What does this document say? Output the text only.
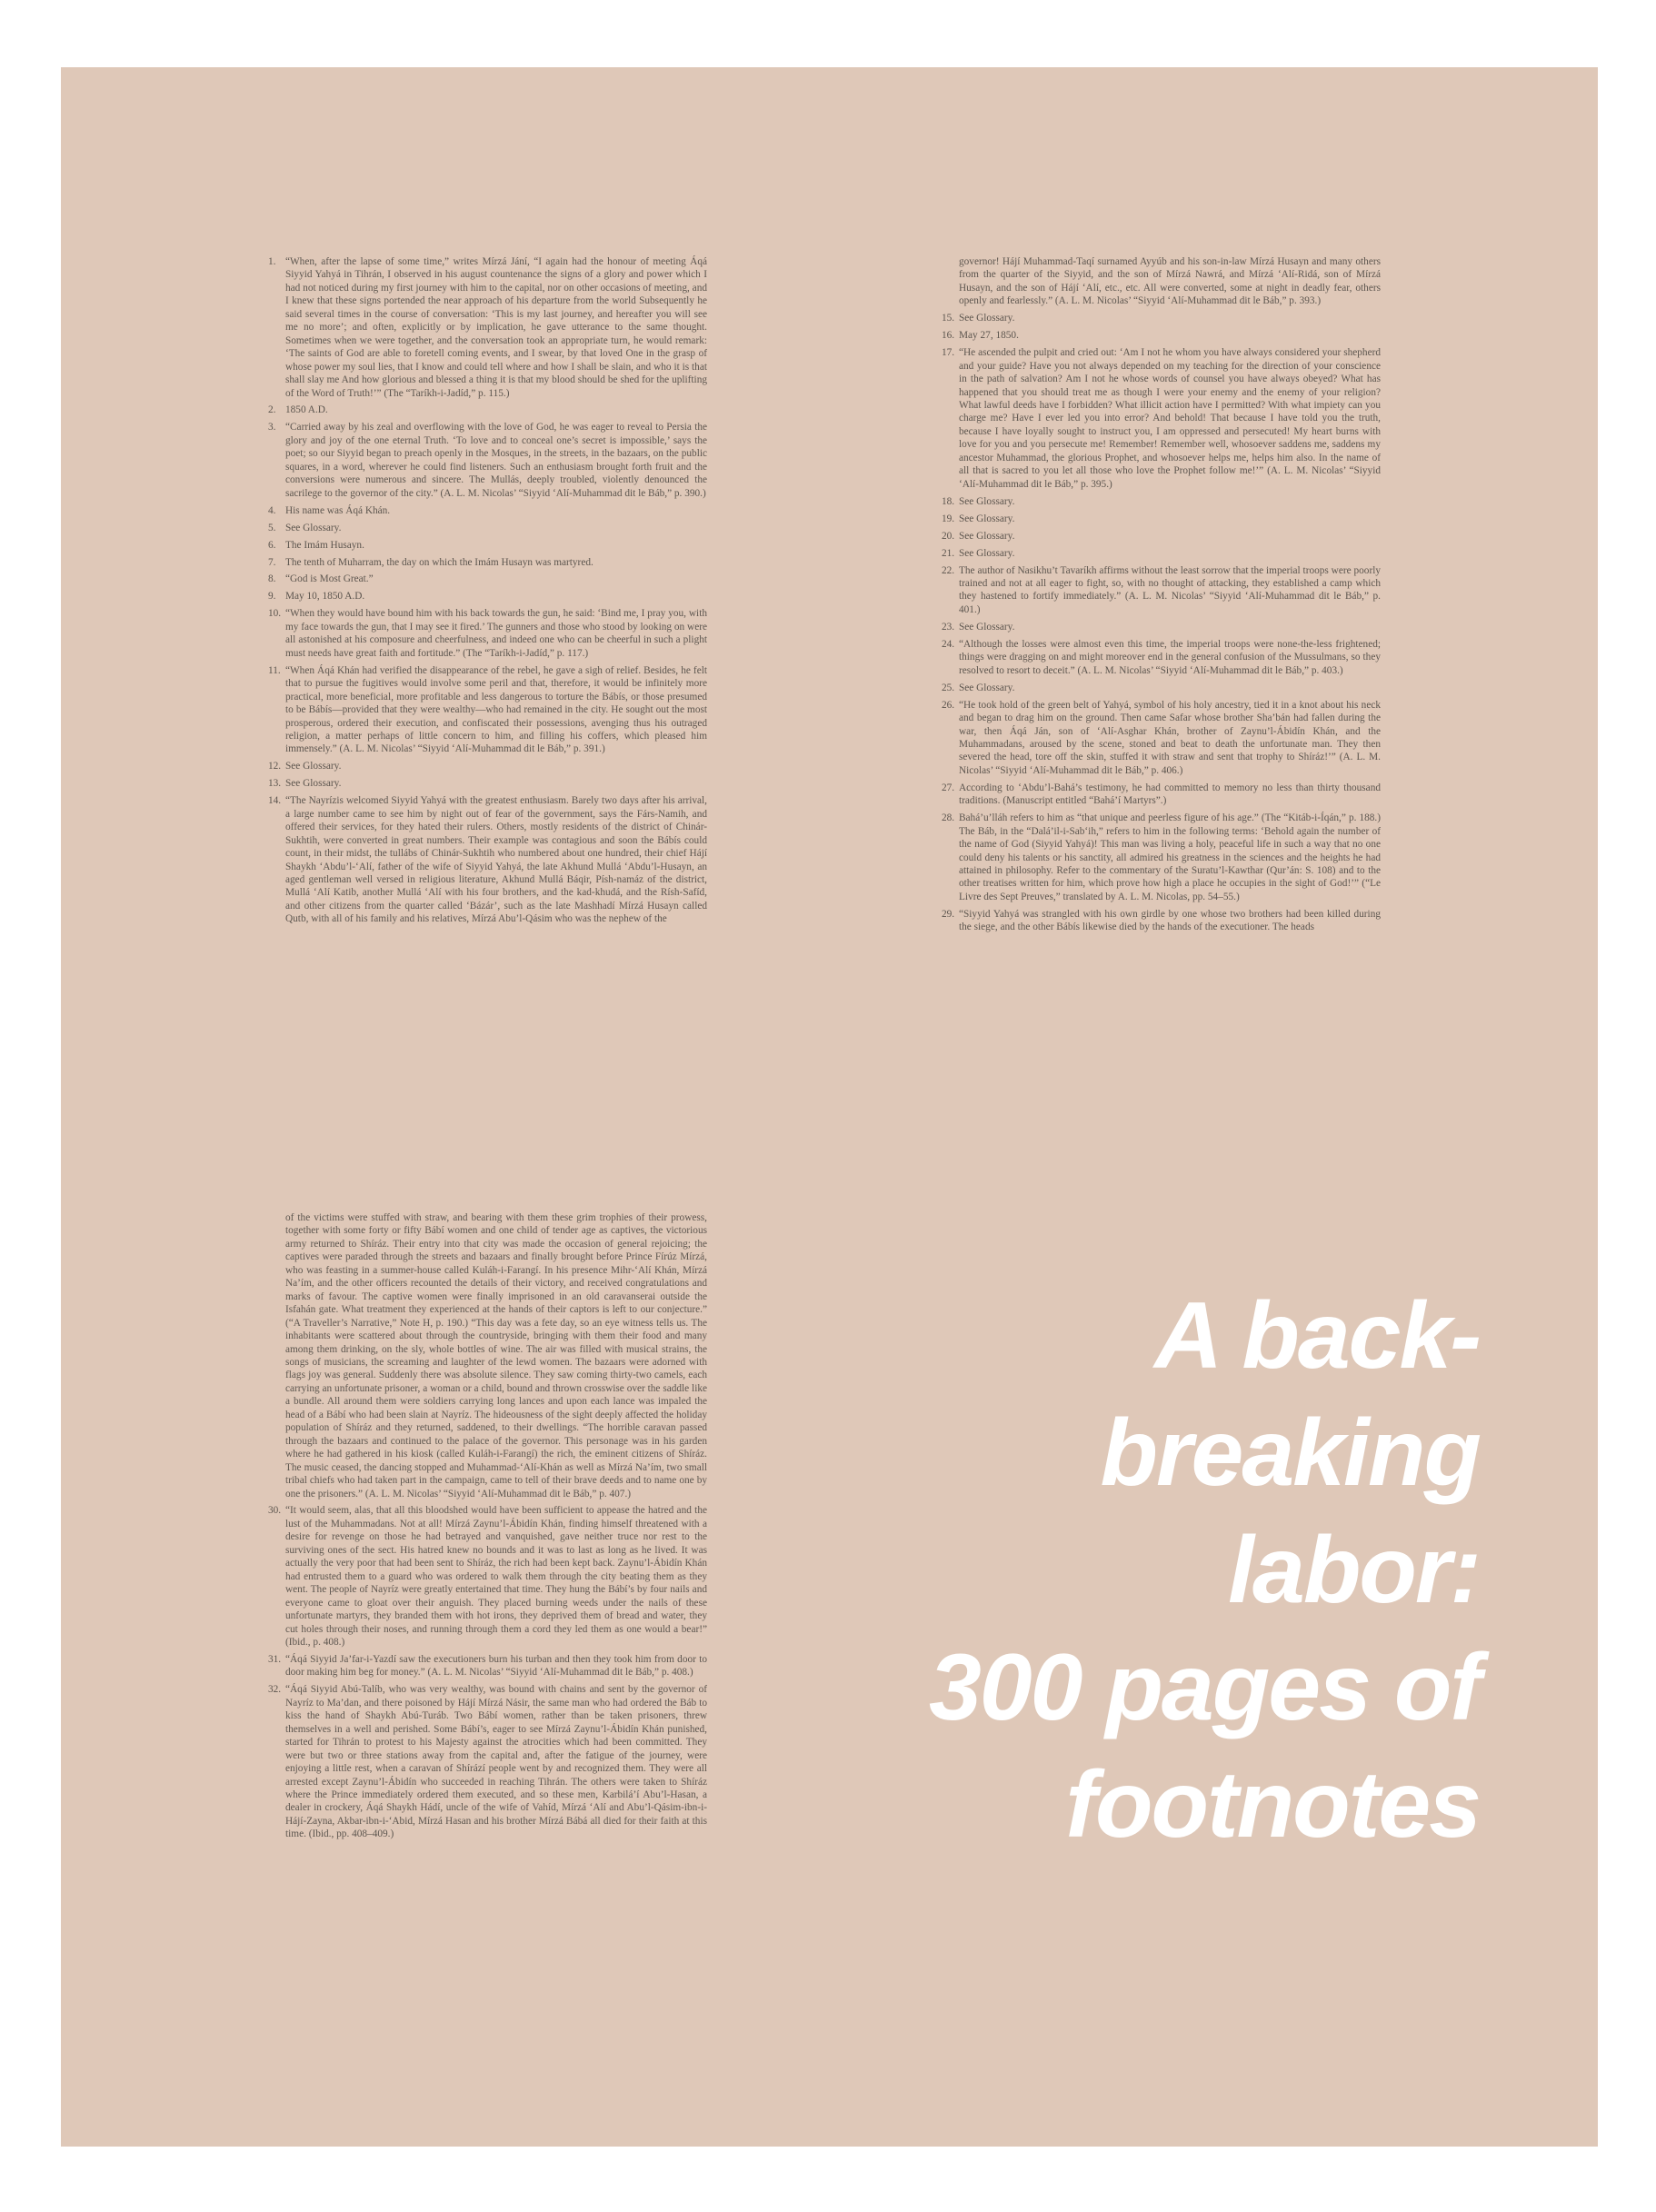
1. “When, after the lapse of some time,” writes Mírzá Jání, “I again had the honour of meeting Áqá Siyyid Yahyá in Tihrán, I observed in his august countenance the signs of a glory and power which I had not noticed during my first journey with him to the capital, nor on other occasions of meeting, and I knew that these signs portended the near approach of his departure from the world Subsequently he said several times in the course of conversation: ‘This is my last journey, and hereafter you will see me no more’; and often, explicitly or by implication, he gave utterance to the same thought. Sometimes when we were together, and the conversation took an appropriate turn, he would remark: ‘The saints of God are able to foretell coming events, and I swear, by that loved One in the grasp of whose power my soul lies, that I know and could tell where and how I shall be slain, and who it is that shall slay me And how glorious and blessed a thing it is that my blood should be shed for the uplifting of the Word of Truth!’” (The “Taríkh-i-Jadíd,” p. 115.)
2. 1850 A.D.
3. “Carried away by his zeal and overflowing with the love of God, he was eager to reveal to Persia the glory and joy of the one eternal Truth. ‘To love and to conceal one’s secret is impossible,’ says the poet; so our Siyyid began to preach openly in the Mosques, in the streets, in the bazaars, on the public squares, in a word, wherever he could find listeners. Such an enthusiasm brought forth fruit and the conversions were numerous and sincere. The Mullás, deeply troubled, violently denounced the sacrilege to the governor of the city.” (A. L. M. Nicolas’ “Siyyid ‘Alí-Muhammad dit le Báb,” p. 390.)
4. His name was Áqá Khán.
5. See Glossary.
6. The Imám Husayn.
7. The tenth of Muharram, the day on which the Imám Husayn was martyred.
8. “God is Most Great.”
9. May 10, 1850 A.D.
10. “When they would have bound him with his back towards the gun, he said: ‘Bind me, I pray you, with my face towards the gun, that I may see it fired.’ The gunners and those who stood by looking on were all astonished at his composure and cheerfulness, and indeed one who can be cheerful in such a plight must needs have great faith and fortitude.” (The “Taríkh-i-Jadíd,” p. 117.)
11. “When Áqá Khán had verified the disappearance of the rebel, he gave a sigh of relief. Besides, he felt that to pursue the fugitives would involve some peril and that, therefore, it would be infinitely more practical, more beneficial, more profitable and less dangerous to torture the Bábís, or those presumed to be Bábís—provided that they were wealthy—who had remained in the city. He sought out the most prosperous, ordered their execution, and confiscated their possessions, avenging thus his outraged religion, a matter perhaps of little concern to him, and filling his coffers, which pleased him immensely.” (A. L. M. Nicolas’ “Siyyid ‘Alí-Muhammad dit le Báb,” p. 391.)
12. See Glossary.
13. See Glossary.
14. “The Nayrízis welcomed Siyyid Yahyá with the greatest enthusiasm. Barely two days after his arrival, a large number came to see him by night out of fear of the government, says the Fárs-Namih, and offered their services, for they hated their rulers. Others, mostly residents of the district of Chinár-Sukhtih, were converted in great numbers. Their example was contagious and soon the Bábís could count, in their midst, the tullábs of Chinár-Sukhtih who numbered about one hundred, their chief Hájí Shaykh ‘Abdu’l-‘Alí, father of the wife of Siyyid Yahyá, the late Akhund Mullá ‘Abdu’l-Husayn, an aged gentleman well versed in religious literature, Akhund Mullá Báqir, Písh-namáz of the district, Mullá ‘Alí Katib, another Mullá ‘Alí with his four brothers, and the kad-khudá, and the Rísh-Safíd, and other citizens from the quarter called ‘Bázár’, such as the late Mashhadí Mírzá Husayn called Qutb, with all of his family and his relatives, Mírzá Abu’l-Qásim who was the nephew of the
governor! Hájí Muhammad-Taqí surnamed Ayyúb and his son-in-law Mírzá Husayn and many others from the quarter of the Siyyid, and the son of Mírzá Nawrá, and Mírzá ‘Alí-Ridá, son of Mírzá Husayn, and the son of Hájí ‘Alí, etc., etc. All were converted, some at night in deadly fear, others openly and fearlessly.” (A. L. M. Nicolas’ “Siyyid ‘Alí-Muhammad dit le Báb,” p. 393.)
15. See Glossary.
16. May 27, 1850.
17. “He ascended the pulpit and cried out: ‘Am I not he whom you have always considered your shepherd and your guide? Have you not always depended on my teaching for the direction of your conscience in the path of salvation? Am I not he whose words of counsel you have always obeyed? What has happened that you should treat me as though I were your enemy and the enemy of your religion? What lawful deeds have I forbidden? What illicit action have I permitted? With what impiety can you charge me? Have I ever led you into error? And behold! That because I have told you the truth, because I have loyally sought to instruct you, I am oppressed and persecuted! My heart burns with love for you and you persecute me! Remember! Remember well, whosoever saddens me, saddens my ancestor Muhammad, the glorious Prophet, and whosoever helps me, helps him also. In the name of all that is sacred to you let all those who love the Prophet follow me!’” (A. L. M. Nicolas’ “Siyyid ‘Alí-Muhammad dit le Báb,” p. 395.)
18. See Glossary.
19. See Glossary.
20. See Glossary.
21. See Glossary.
22. The author of Nasikhu’t Tavaríkh affirms without the least sorrow that the imperial troops were poorly trained and not at all eager to fight, so, with no thought of attacking, they established a camp which they hastened to fortify immediately.” (A. L. M. Nicolas’ “Siyyid ‘Alí-Muhammad dit le Báb,” p. 401.)
23. See Glossary.
24. “Although the losses were almost even this time, the imperial troops were none-the-less frightened; things were dragging on and might moreover end in the general confusion of the Mussulmans, so they resolved to resort to deceit.” (A. L. M. Nicolas’ “Siyyid ‘Alí-Muhammad dit le Báb,” p. 403.)
25. See Glossary.
26. “He took hold of the green belt of Yahyá, symbol of his holy ancestry, tied it in a knot about his neck and began to drag him on the ground. Then came Safar whose brother Sha’bán had fallen during the war, then Áqá Ján, son of ‘Alí-Asghar Khán, brother of Zaynu’l-Ábidín Khán, and the Muhammadans, aroused by the scene, stoned and beat to death the unfortunate man. They then severed the head, tore off the skin, stuffed it with straw and sent that trophy to Shíráz!’” (A. L. M. Nicolas’ “Siyyid ‘Alí-Muhammad dit le Báb,” p. 406.)
27. According to ‘Abdu’l-Bahá’s testimony, he had committed to memory no less than thirty thousand traditions. (Manuscript entitled “Bahá’í Martyrs”.)
28. Bahá’u’lláh refers to him as “that unique and peerless figure of his age.” (The “Kitáb-i-Íqán,” p. 188.) The Báb, in the “Dalá’il-i-Sab‘ih,” refers to him in the following terms: ‘Behold again the number of the name of God (Siyyid Yahyá)! This man was living a holy, peaceful life in such a way that no one could deny his talents or his sanctity, all admired his greatness in the sciences and the heights he had attained in philosophy. Refer to the commentary of the Suratu’l-Kawthar (Qur’án: S. 108) and to the other treatises written for him, which prove how high a place he occupies in the sight of God!’” (“Le Livre des Sept Preuves,” translated by A. L. M. Nicolas, pp. 54–55.)
29. “Siyyid Yahyá was strangled with his own girdle by one whose two brothers had been killed during the siege, and the other Bábís likewise died by the hands of the executioner. The heads
of the victims were stuffed with straw, and bearing with them these grim trophies of their prowess, together with some forty or fifty Bábí women and one child of tender age as captives, the victorious army returned to Shíráz. Their entry into that city was made the occasion of general rejoicing; the captives were paraded through the streets and bazaars and finally brought before Prince Fírúz Mírzá, who was feasting in a summer-house called Kuláh-i-Farangí. In his presence Mihr-‘Alí Khán, Mírzá Na’ím, and the other officers recounted the details of their victory, and received congratulations and marks of favour. The captive women were finally imprisoned in an old caravanserai outside the Isfahán gate. What treatment they experienced at the hands of their captors is left to our conjecture.” (“A Traveller’s Narrative,” Note H, p. 190.) “This day was a fete day, so an eye witness tells us. The inhabitants were scattered about through the countryside, bringing with them their food and many among them drinking, on the sly, whole bottles of wine. The air was filled with musical strains, the songs of musicians, the screaming and laughter of the lewd women. The bazaars were adorned with flags joy was general. Suddenly there was absolute silence. They saw coming thirty-two camels, each carrying an unfortunate prisoner, a woman or a child, bound and thrown crosswise over the saddle like a bundle. All around them were soldiers carrying long lances and upon each lance was impaled the head of a Bábí who had been slain at Nayríz. The hideousness of the sight deeply affected the holiday population of Shíráz and they returned, saddened, to their dwellings. “The horrible caravan passed through the bazaars and continued to the palace of the governor. This personage was in his garden where he had gathered in his kiosk (called Kuláh-i-Farangí) the rich, the eminent citizens of Shíráz. The music ceased, the dancing stopped and Muhammad-‘Alí-Khán as well as Mírzá Na’ím, two small tribal chiefs who had taken part in the campaign, came to tell of their brave deeds and to name one by one the prisoners.” (A. L. M. Nicolas’ “Siyyid ‘Alí-Muhammad dit le Báb,” p. 407.)
30. “It would seem, alas, that all this bloodshed would have been sufficient to appease the hatred and the lust of the Muhammadans. Not at all! Mírzá Zaynu’l-Ábidín Khán, finding himself threatened with a desire for revenge on those he had betrayed and vanquished, gave neither truce nor rest to the surviving ones of the sect. His hatred knew no bounds and it was to last as long as he lived. It was actually the very poor that had been sent to Shíráz, the rich had been kept back. Zaynu’l-Ábidín Khán had entrusted them to a guard who was ordered to walk them through the city beating them as they went. The people of Nayríz were greatly entertained that time. They hung the Bábí’s by four nails and everyone came to gloat over their anguish. They placed burning weeds under the nails of these unfortunate martyrs, they branded them with hot irons, they deprived them of bread and water, they cut holes through their noses, and running through them a cord they led them as one would a bear!” (Ibid., p. 408.)
31. “Áqá Siyyid Ja’far-i-Yazdí saw the executioners burn his turban and then they took him from door to door making him beg for money.” (A. L. M. Nicolas’ “Siyyid ‘Alí-Muhammad dit le Báb,” p. 408.)
32. “Áqá Siyyid Abú-Talíb, who was very wealthy, was bound with chains and sent by the governor of Nayríz to Ma’dan, and there poisoned by Hájí Mírzá Násir, the same man who had ordered the Báb to kiss the hand of Shaykh Abú-Turáb. Two Bábí women, rather than be taken prisoners, threw themselves in a well and perished. Some Bábí’s, eager to see Mírzá Zaynu’l-Ábidín Khán punished, started for Tihrán to protest to his Majesty against the atrocities which had been committed. They were but two or three stations away from the capital and, after the fatigue of the journey, were enjoying a little rest, when a caravan of Shírází people went by and recognized them. They were all arrested except Zaynu’l-Ábidín who succeeded in reaching Tihrán. The others were taken to Shíráz where the Prince immediately ordered them executed, and so these men, Karbilá’í Abu’l-Hasan, a dealer in crockery, Áqá Shaykh Hádí, uncle of the wife of Vahíd, Mírzá ‘Alí and Abu’l-Qásim-ibn-i-Hájí-Zayna, Akbar-ibn-i-‘Abid, Mírzá Hasan and his brother Mírzá Bábá all died for their faith at this time. (Ibid., pp. 408–409.)
A back-
breaking
labor:
300 pages of
footnotes
